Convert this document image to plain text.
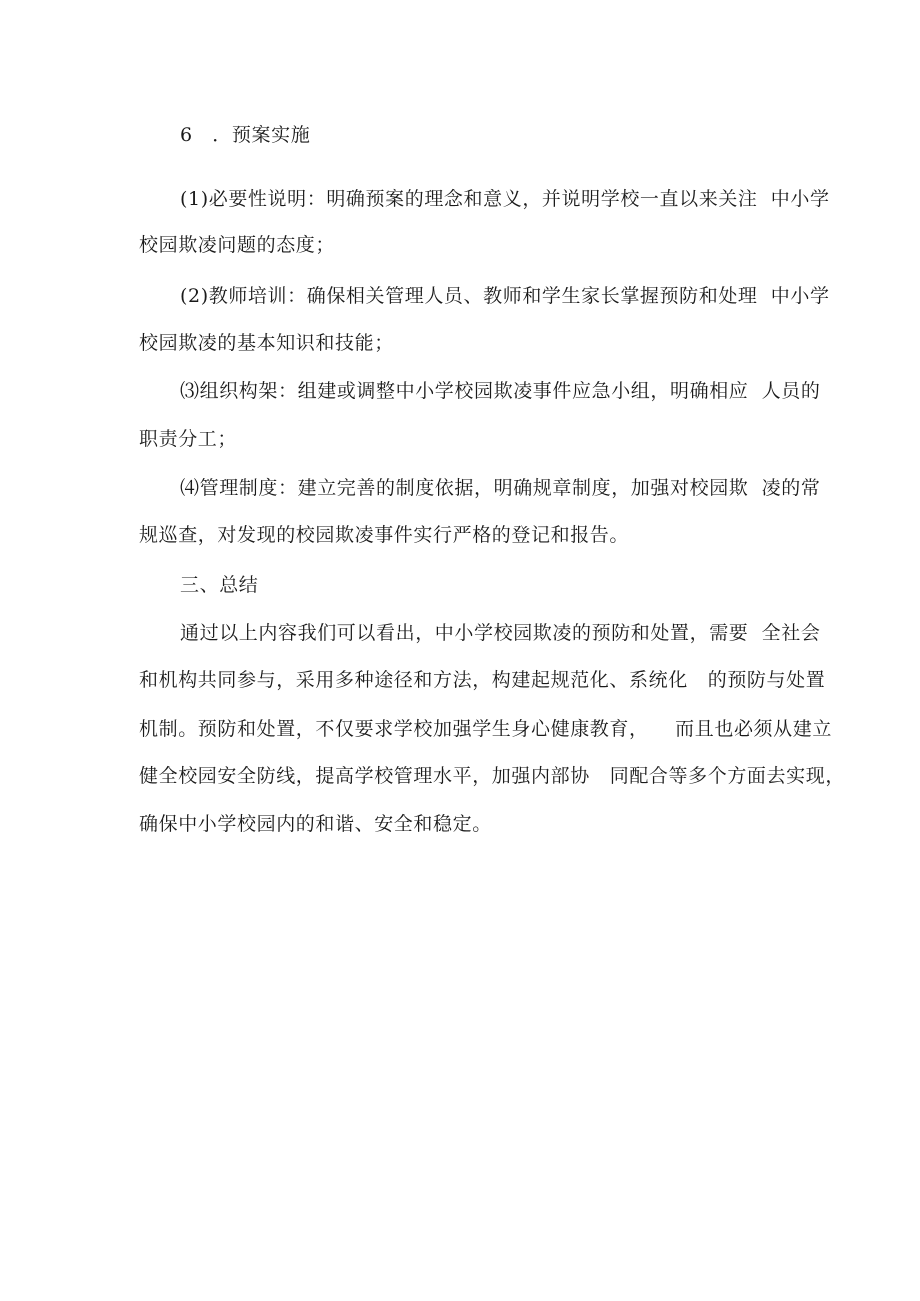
6　．预案实施
(1)必要性说明：明确预案的理念和意义，并说明学校一直以来关注  中小学
校园欺凌问题的态度；
(2)教师培训：确保相关管理人员、教师和学生家长掌握预防和处理  中小学
校园欺凌的基本知识和技能；
⑶组织构架：组建或调整中小学校园欺凌事件应急小组，明确相应  人员的
职责分工；
⑷管理制度：建立完善的制度依据，明确规章制度，加强对校园欺  凌的常
规巡查，对发现的校园欺凌事件实行严格的登记和报告。
三、总结
通过以上内容我们可以看出，中小学校园欺凌的预防和处置，需要  全社会
和机构共同参与，采用多种途径和方法，构建起规范化、系统化   的预防与处置
机制。预防和处置，不仅要求学校加强学生身心健康教育，    而且也必须从建立
健全校园安全防线，提高学校管理水平，加强内部协   同配合等多个方面去实现，
确保中小学校园内的和谐、安全和稳定。
